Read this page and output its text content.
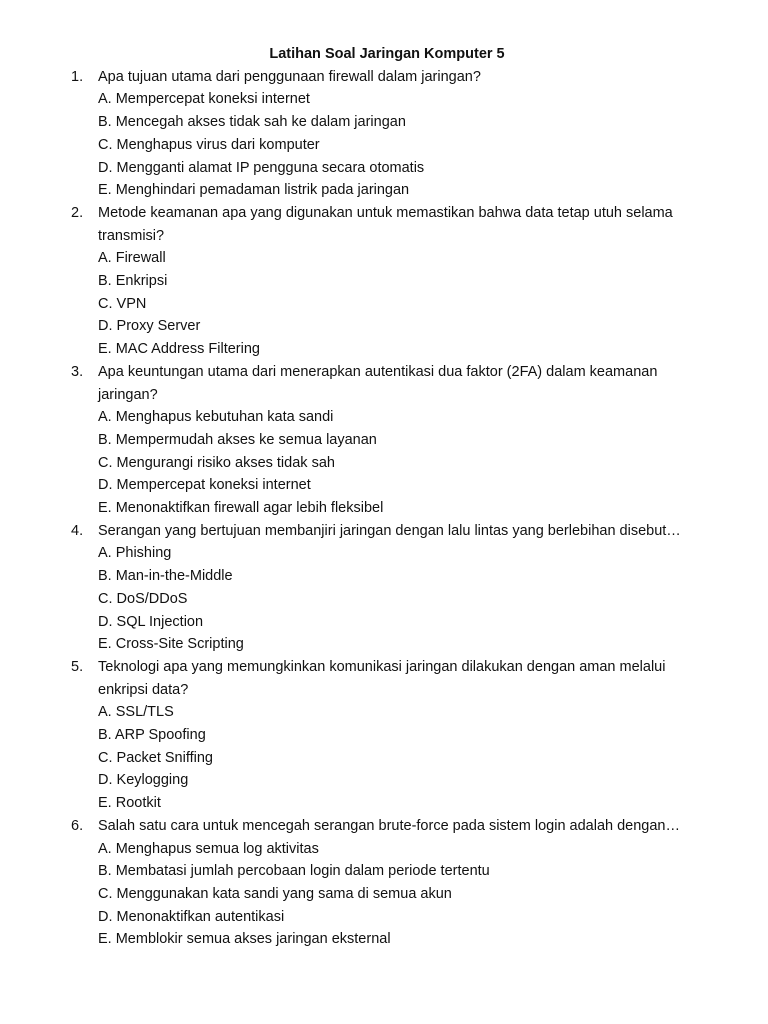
Latihan Soal Jaringan Komputer 5
1. Apa tujuan utama dari penggunaan firewall dalam jaringan?

A. Mempercepat koneksi internet
B. Mencegah akses tidak sah ke dalam jaringan
C. Menghapus virus dari komputer
D. Mengganti alamat IP pengguna secara otomatis
E. Menghindari pemadaman listrik pada jaringan
2. Metode keamanan apa yang digunakan untuk memastikan bahwa data tetap utuh selama transmisi?

A. Firewall
B. Enkripsi
C. VPN
D. Proxy Server
E. MAC Address Filtering
3. Apa keuntungan utama dari menerapkan autentikasi dua faktor (2FA) dalam keamanan jaringan?

A. Menghapus kebutuhan kata sandi
B. Mempermudah akses ke semua layanan
C. Mengurangi risiko akses tidak sah
D. Mempercepat koneksi internet
E. Menonaktifkan firewall agar lebih fleksibel
4. Serangan yang bertujuan membanjiri jaringan dengan lalu lintas yang berlebihan disebut…

A. Phishing
B. Man-in-the-Middle
C. DoS/DDoS
D. SQL Injection
E. Cross-Site Scripting
5. Teknologi apa yang memungkinkan komunikasi jaringan dilakukan dengan aman melalui enkripsi data?

A. SSL/TLS
B. ARP Spoofing
C. Packet Sniffing
D. Keylogging
E. Rootkit
6. Salah satu cara untuk mencegah serangan brute-force pada sistem login adalah dengan…

A. Menghapus semua log aktivitas
B. Membatasi jumlah percobaan login dalam periode tertentu
C. Menggunakan kata sandi yang sama di semua akun
D. Menonaktifkan autentikasi
E. Memblokir semua akses jaringan eksternal
